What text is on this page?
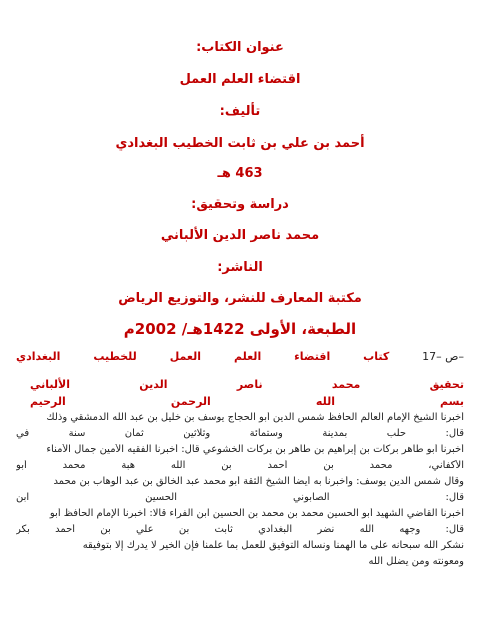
عنوان الكتاب:
اقتضاء العلم العمل
تأليف:
أحمد بن علي بن ثابت الخطيب البغدادي
463 هـ
دراسة وتحقيق:
محمد ناصر الدين الألباني
الناشر:
مكتبة المعارف للنشر، والتوزيع الرياض
الطبعة، الأولى 1422هـ/ 2002م
ص –17–
كتاب
اقتضاء
العلم
العمل
للخطيب
البغدادي
تحقيق
محمد
ناصر
الدين
الألباني
بسم
الله
الرحمن
الرحيم
أخبرنا الشيخ الإمام العالم الحافظ شمس الدين أبو الحجاج يوسف بن خليل بن عبد الله الدمشقي وذلك
في	سنة	ثمان	وثلاثين	وستمائة	بمدينة	حلب	قال:
أخبرنا أبو طاهر بركات بن إبراهيم بن طاهر بن بركات الخشوعي قال: أخبرنا الفقيه الأمين جمال الأمناء
أبو	محمد	هبة	الله	بن	أحمد	بن	محمد	الأكفاني،
وقال شمس الدين يوسف: وأخبرنا به أيضا الشيخ الثقة أبو محمد عبد الخالق بن عبد الوهاب بن محمد
ابن	الحسين	الصابوني	قال:
أخبرنا القاضي الشهيد أبو الحسين محمد بن محمد بن الحسين ابن الفراء قالا: أخبرنا الإمام الحافظ أبو
بكر	أحمد	بن	علي	بن	ثابت	البغدادي	نضر	الله	وجهه	قال:
نشكر الله سبحانه على ما ألهمنا ونسأله التوفيق للعمل بما علمنا فإن الخير لا يدرك إلا بتوفيقه
ومعونته ومن يضلل الله
